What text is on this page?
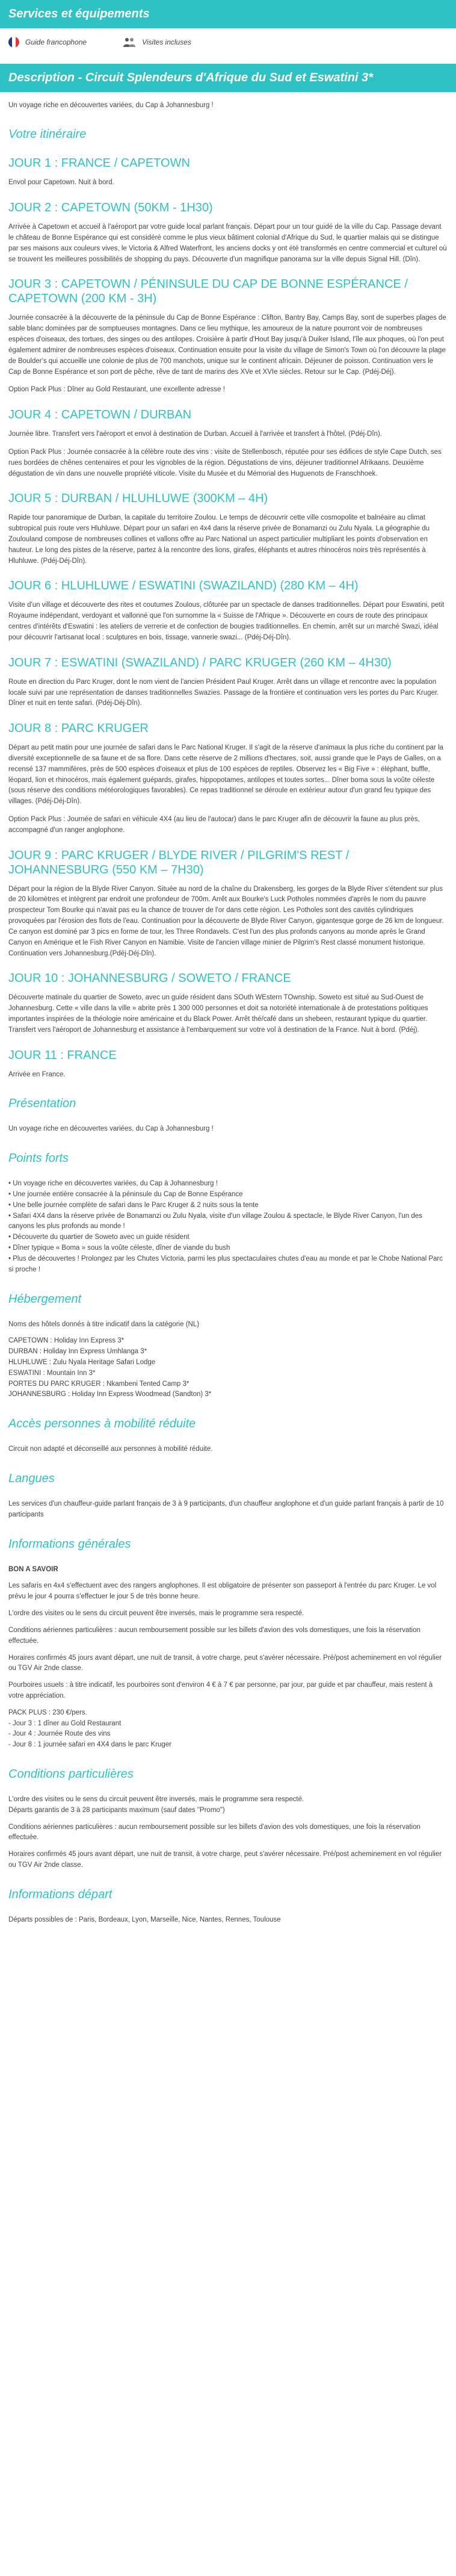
Services et équipements
Guide francophone	Visites incluses
Description - Circuit Splendeurs d'Afrique du Sud et Eswatini 3*

Un voyage riche en découvertes variées, du Cap à Johannesburg !

Votre itinéraire
JOUR 1 : FRANCE / CAPETOWN

Envol pour Capetown. Nuit à bord.

JOUR 2 : CAPETOWN (50KM - 1H30)

Arrivée à Capetown et accueil à l'aéroport par votre guide local parlant français. Départ pour un tour guidé de la ville du Cap. Passage devant le château de Bonne Espérance qui est considéré comme le plus vieux bâtiment colonial d'Afrique du Sud, le quartier malais qui se distingue par ses maisons aux couleurs vives, le Victoria & Alfred Waterfront, les anciens docks y ont été transformés en centre commercial et culturel où se trouvent les meilleures possibilités de shopping du pays. Découverte d'un magnifique panorama sur la ville depuis Signal Hill. (Dîn).

JOUR 3 : CAPETOWN / PÉNINSULE DU CAP DE BONNE ESPÉRANCE / CAPETOWN (200 KM - 3H)

Journée consacrée à la découverte de la péninsule du Cap de Bonne Espérance : Clifton, Bantry Bay, Camps Bay, sont de superbes plages de sable blanc dominées par de somptueuses montagnes. Dans ce lieu mythique, les amoureux de la nature pourront voir de nombreuses espèces d'oiseaux, des tortues, des singes ou des antilopes. Croisière à partir d'Hout Bay jusqu'à Duiker Island, l'île aux phoques, où l'on peut également admirer de nombreuses espèces d'oiseaux. Continuation ensuite pour la visite du village de Simon's Town où l'on découvre la plage de Boulder's qui accueille une colonie de plus de 700 manchots, unique sur le continent africain. Déjeuner de poisson. Continuation vers le Cap de Bonne Espérance et son port de pêche, rêve de tant de marins des XVe et XVIe siècles. Retour sur le Cap. (Pdéj-Déj).

Option Pack Plus : Dîner au Gold Restaurant, une excellente adresse !

JOUR 4 : CAPETOWN / DURBAN

Journée libre. Transfert vers l'aéroport et envol à destination de Durban. Accueil à l'arrivée et transfert à l'hôtel. (Pdéj-Dîn).

Option Pack Plus : Journée consacrée à la célèbre route des vins : visite de Stellenbosch, réputée pour ses édifices de style Cape Dutch, ses rues bordées de chênes centenaires et pour les vignobles de la région. Dégustations de vins, déjeuner traditionnel Afrikaans. Deuxième dégustation de vin dans une nouvelle propriété viticole. Visite du Musée et du Mémorial des Huguenots de Franschhoek.

JOUR 5 : DURBAN / HLUHLUWE (300KM – 4H)

Rapide tour panoramique de Durban, la capitale du territoire Zoulou. Le temps de découvrir cette ville cosmopolite et balnéaire au climat subtropical puis route vers Hluhluwe. Départ pour un safari en 4x4 dans la réserve privée de Bonamanzi ou Zulu Nyala. La géographie du Zoulouland compose de nombreuses collines et vallons offre au Parc National un aspect particulier multipliant les points d'observation en hauteur. Le long des pistes de la réserve, partez à la rencontre des lions, girafes, éléphants et autres rhinocéros noirs très représentés à Hluhluwe. (Pdéj-Déj-Dîn).

JOUR 6 : HLUHLUWE / ESWATINI (SWAZILAND) (280 KM – 4H)

Visite d'un village et découverte des rites et coutumes Zoulous, clôturée par un spectacle de danses traditionnelles. Départ pour Eswatini, petit Royaume indépendant, verdoyant et vallonné que l'on surnomme la « Suisse de l'Afrique ». Découverte en cours de route des principaux centres d'intérêts d'Eswatini : les ateliers de verrerie et de confection de bougies traditionnelles. En chemin, arrêt sur un marché Swazi, idéal pour découvrir l'artisanat local : sculptures en bois, tissage, vannerie swazi... (Pdéj-Déj-Dîn).

JOUR 7 : ESWATINI (SWAZILAND) / PARC KRUGER (260 KM – 4H30)

Route en direction du Parc Kruger, dont le nom vient de l'ancien Président Paul Kruger. Arrêt dans un village et rencontre avec la population locale suivi par une représentation de danses traditionnelles Swazies. Passage de la frontière et continuation vers les portes du Parc Kruger. Dîner et nuit en tente safari. (Pdéj-Déj-Dîn).

JOUR 8 : PARC KRUGER

Départ au petit matin pour une journée de safari dans le Parc National Kruger. Il s'agit de la réserve d'animaux la plus riche du continent par la diversité exceptionnelle de sa faune et de sa flore. Dans cette réserve de 2 millions d'hectares, soit, aussi grande que le Pays de Galles, on a recensé 137 mammifères, près de 500 espèces d'oiseaux et plus de 100 espèces de reptiles. Observez les « Big Five » : éléphant, buffle, léopard, lion et rhinocéros, mais également guépards, girafes, hippopotames, antilopes et toutes sortes... Dîner boma sous la voûte céleste (sous réserve des conditions météorologiques favorables). Ce repas traditionnel se déroule en extérieur autour d'un grand feu typique des villages. (Pdéj-Déj-Dîn).

Option Pack Plus : Journée de safari en véhicule 4X4 (au lieu de l'autocar) dans le parc Kruger afin de découvrir la faune au plus près, accompagné d'un ranger anglophone.

JOUR 9 : PARC KRUGER / BLYDE RIVER / PILGRIM'S REST / JOHANNESBURG (550 KM – 7H30)

Départ pour la région de la Blyde River Canyon. Située au nord de la chaîne du Drakensberg, les gorges de la Blyde River s'étendent sur plus de 20 kilomètres et intègrent par endroit une profondeur de 700m. Arrêt aux Bourke's Luck Potholes nommées d'après le nom du pauvre prospecteur Tom Bourke qui n'avait pas eu la chance de trouver de l'or dans cette région. Les Potholes sont des cavités cylindriques provoquées par l'érosion des flots de l'eau. Continuation pour la découverte de Blyde River Canyon, gigantesque gorge de 26 km de longueur. Ce canyon est dominé par 3 pics en forme de tour, les Three Rondavels. C'est l'un des plus profonds canyons au monde après le Grand Canyon en Amérique et le Fish River Canyon en Namibie. Visite de l'ancien village minier de Pilgrim's Rest classé monument historique. Continuation vers Johannesburg.(Pdéj-Déj-Dîn).

JOUR 10 : JOHANNESBURG / SOWETO / FRANCE

Découverte matinale du quartier de Soweto, avec un guide résident dans SOuth WEstern TOwnship. Soweto est situé au Sud-Ouest de Johannesburg. Cette « ville dans la ville » abrite près 1 300 000 personnes et doit sa notoriété internationale à de protestations politiques importantes inspirées de la théologie noire américaine et du Black Power. Arrêt thé/café dans un shebeen, restaurant typique du quartier. Transfert vers l'aéroport de Johannesburg et assistance à l'embarquement sur votre vol à destination de la France. Nuit à bord. (Pdéj).

JOUR 11 : FRANCE

Arrivée en France.

Présentation

Un voyage riche en découvertes variées, du Cap à Johannesburg !

Points forts
• Un voyage riche en découvertes variées, du Cap à Johannesburg !
• Une journée entière consacrée à la péninsule du Cap de Bonne Espérance
• Une belle journée complète de safari dans le Parc Kruger & 2 nuits sous la tente
• Safari 4X4 dans la réserve privée de Bonamanzi ou Zulu Nyala, visite d'un village Zoulou & spectacle, le Blyde River Canyon, l'un des canyons les plus profonds au monde !
• Découverte du quartier de Soweto avec un guide résident
• Dîner typique « Boma » sous la voûte céleste, dîner de viande du bush
• Plus de découvertes ! Prolongez par les Chutes Victoria, parmi les plus spectaculaires chutes d'eau au monde et par le Chobe National Parc si proche !
Hébergement

Noms des hôtels donnés à titre indicatif dans la catégorie (NL)

CAPETOWN : Holiday Inn Express 3*

DURBAN : Holiday Inn Express Umhlanga 3*

HLUHLUWE : Zulu Nyala Heritage Safari Lodge

ESWATINI : Mountain Inn 3*

PORTES DU PARC KRUGER : Nkambeni Tented Camp 3*

JOHANNESBURG : Holiday Inn Express Woodmead (Sandton) 3*

Accès personnes à mobilité réduite

Circuit non adapté et déconseillé aux personnes à mobilité réduite.

Langues

Les services d'un chauffeur-guide parlant français de 3 à 9 participants, d'un chauffeur anglophone et d'un guide parlant français à partir de 10 participants

Informations générales

BON A SAVOIR

Les safaris en 4x4 s'effectuent avec des rangers anglophones. Il est obligatoire de présenter son passeport à l'entrée du parc Kruger. Le vol prévu le jour 4 pourra s'effectuer le jour 5 de très bonne heure.

L'ordre des visites ou le sens du circuit peuvent être inversés, mais le programme sera respecté.

Conditions aériennes particulières : aucun remboursement possible sur les billets d'avion des vols domestiques, une fois la réservation effectuée.

Horaires confirmés 45 jours avant départ, une nuit de transit, à votre charge, peut s'avérer nécessaire. Pré/post acheminement en vol régulier ou TGV Air 2nde classe.

Pourboires usuels : à titre indicatif, les pourboires sont d'environ 4 € à 7 € par personne, par jour, par guide et par chauffeur, mais restent à votre appréciation.

PACK PLUS : 230 €/pers.

- Jour 3 : 1 dîner au Gold Restaurant

- Jour 4 : Journée Route des vins

- Jour 8 : 1 journée safari en 4X4 dans le parc Kruger

Conditions particulières

L'ordre des visites ou le sens du circuit peuvent être inversés, mais le programme sera respecté.

Départs garantis de 3 à 28 participants maximum (sauf dates "Promo")

Conditions aériennes particulières : aucun remboursement possible sur les billets d'avion des vols domestiques, une fois la réservation effectuée.

Horaires confirmés 45 jours avant départ, une nuit de transit, à votre charge, peut s'avérer nécessaire. Pré/post acheminement en vol régulier ou TGV Air 2nde classe.

Informations départ

Départs possibles de : Paris, Bordeaux, Lyon, Marseille, Nice, Nantes, Rennes, Toulouse
